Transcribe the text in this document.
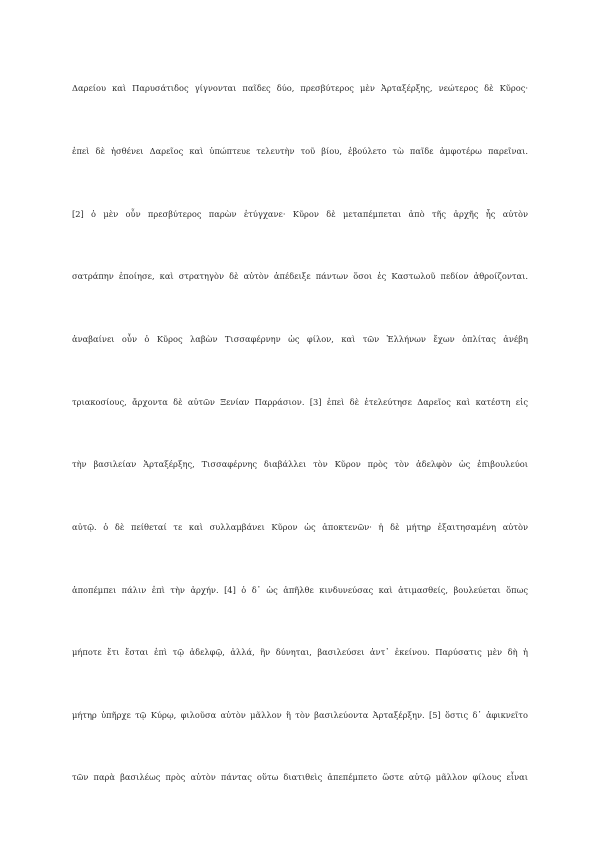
Δαρείου καὶ Παρυσάτιδος γίγνονται παῖδες δύο, πρεσβύτερος μὲν Ἀρταξέρξης, νεώτερος δὲ Κῦρος·

ἐπεὶ δὲ ἠσθένει Δαρεῖος καὶ ὑπώπτευε τελευτὴν τοῦ βίου, ἐβούλετο τὼ παῖδε ἀμφοτέρω παρεῖναι.

[2] ὁ μὲν οὖν πρεσβύτερος παρὼν ἐτύγχανε· Κῦρον δὲ μεταπέμπεται ἀπὸ τῆς ἀρχῆς ἧς αὐτὸν

σατράπην ἐποίησε, καὶ στρατηγὸν δὲ αὐτὸν ἀπέδειξε πάντων ὅσοι ἐς Καστωλοῦ πεδίον ἀθροίζονται.

ἀναβαίνει οὖν ὁ Κῦρος λαβὼν Τισσαφέρνην ὡς φίλον, καὶ τῶν Ἑλλήνων ἔχων ὁπλίτας ἀνέβη

τριακοσίους, ἄρχοντα δὲ αὐτῶν Ξενίαν Παρράσιον. [3] ἐπεὶ δὲ ἐτελεύτησε Δαρεῖος καὶ κατέστη εἰς

τὴν βασιλείαν Ἀρταξέρξης, Τισσαφέρνης διαβάλλει τὸν Κῦρον πρὸς τὸν ἀδελφὸν ὡς ἐπιβουλεύοι

αὐτῷ. ὁ δὲ πείθεταί τε καὶ συλλαμβάνει Κῦρον ὡς ἀποκτενῶν· ἡ δὲ μήτηρ ἐξαιτησαμένη αὐτὸν

ἀποπέμπει πάλιν ἐπὶ τὴν ἀρχήν. [4] ὁ δ᾽ ὡς ἀπῆλθε κινδυνεύσας καὶ ἀτιμασθείς, βουλεύεται ὅπως

μήποτε ἔτι ἔσται ἐπὶ τῷ ἀδελφῷ, ἀλλά, ἢν δύνηται, βασιλεύσει ἀντ᾽ ἐκείνου. Παρύσατις μὲν δὴ ἡ

μήτηρ ὑπῆρχε τῷ Κύρῳ, φιλοῦσα αὐτὸν μᾶλλον ἢ τὸν βασιλεύοντα Ἀρταξέρξην. [5] ὅστις δ᾽ ἀφικνεῖτο

τῶν παρὰ βασιλέως πρὸς αὐτὸν πάντας οὕτω διατιθεὶς ἀπεπέμπετο ὥστε αὐτῷ μᾶλλον φίλους εἶναι
